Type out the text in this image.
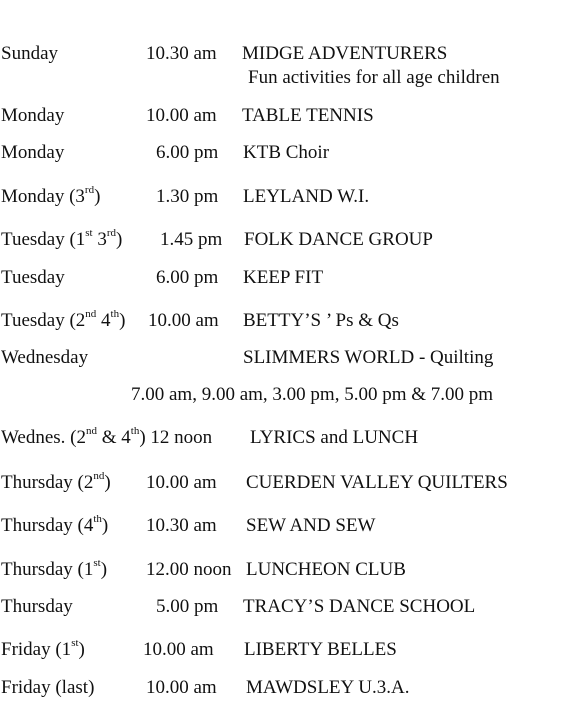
Sunday	10.30 am MIDGE ADVENTURERS
Fun activities for all age children
Monday	10.00 am TABLE TENNIS
Monday	6.00 pm KTB Choir
Monday (3rd)	1.30 pm LEYLAND W.I.
Tuesday (1st 3rd) 1.45 pm FOLK DANCE GROUP
Tuesday	6.00 pm KEEP FIT
Tuesday (2nd 4th) 10.00 am BETTY’S ’ Ps & Qs
Wednesday	SLIMMERS WORLD - Quilting
7.00 am, 9.00 am, 3.00 pm, 5.00 pm & 7.00 pm
Wednes. (2nd & 4th) 12 noon LYRICS and LUNCH
Thursday (2nd) 10.00 am CUERDEN VALLEY QUILTERS
Thursday (4th) 10.30 am SEW AND SEW
Thursday (1st) 12.00 noon LUNCHEON CLUB
Thursday	5.00 pm TRACY’S DANCE SCHOOL
Friday (1st)	10.00 am LIBERTY BELLES
Friday (last)	10.00 am MAWDSLEY U.3.A.
